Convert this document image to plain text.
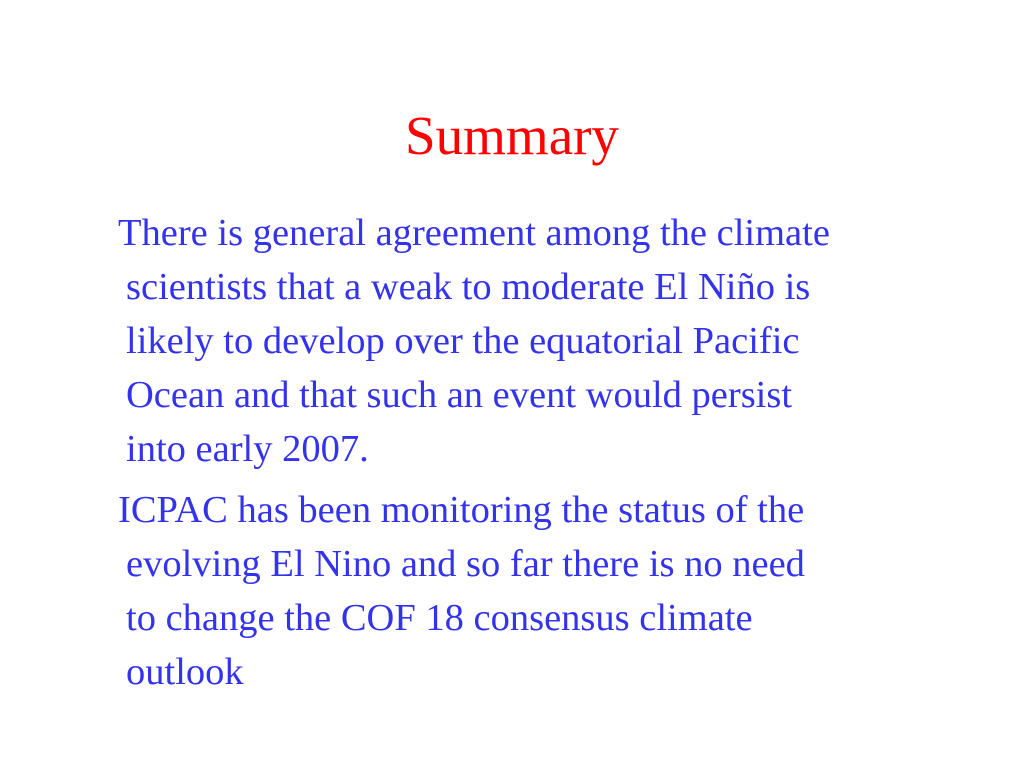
Summary

There is general agreement among the climate
scientists that a weak to moderate El Niño is
likely to develop over the equatorial Pacific
Ocean and that such an event would persist
into early 2007.

ICPAC has been monitoring the status of the
evolving El Nino and so far there is no need
to change the COF 18 consensus climate
outlook
